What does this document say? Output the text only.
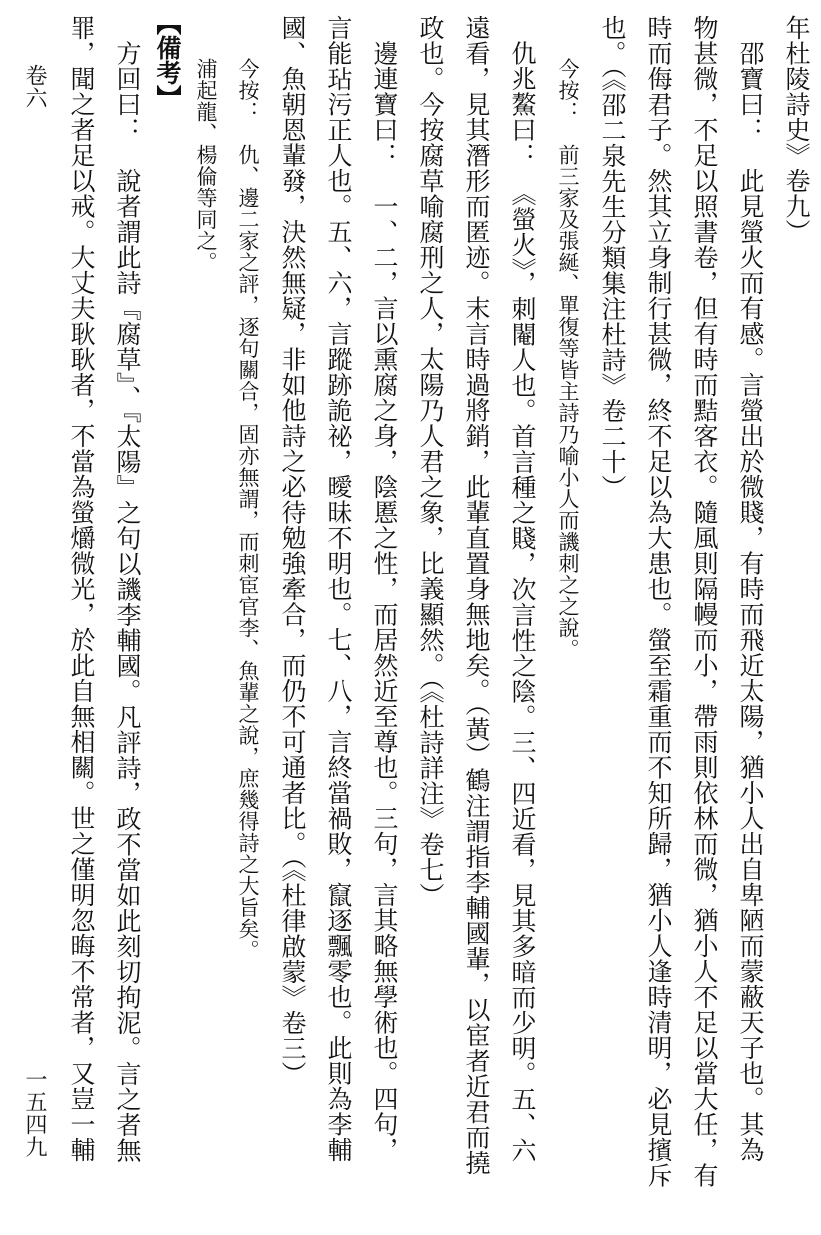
年杜陵詩史》卷九）
　邵寶曰：　此見螢火而有感。言螢出於微賤，有時而飛近太陽，猶小人出自卑陋而蒙蔽天子也。其為
物甚微，不足以照書卷，但有時而黠客衣。隨風則隔幔而小，帶雨則依林而微，猶小人不足以當大任，有
時而侮君子。然其立身制行甚微，終不足以為大患也。螢至霜重而不知所歸，猶小人逢時清明，必見擯斥
也。（《邵二泉先生分類集注杜詩》卷二十）
　　今按：　前三家及張綖、單復等皆主詩乃喻小人而譏刺之之說。
　仇兆鰲曰：　《螢火》，刺閹人也。首言種之賤，次言性之陰。三、四近看，見其多暗而少明。五、六
遠看，見其潛形而匿迹。末言時過將銷，此輩直置身無地矣。（黃）鶴注謂指李輔國輩，以宦者近君而撓
政也。今按腐草喻腐刑之人，太陽乃人君之象，比義顯然。（《杜詩詳注》卷七）
　邊連寶曰：　一、二，言以熏腐之身，陰慝之性，而居然近至尊也。三句，言其略無學術也。四句，
言能玷污正人也。五、六，言蹤跡詭祕，曖昧不明也。七、八，言終當禍敗，竄逐飄零也。此則為李輔
國、魚朝恩輩發，決然無疑，非如他詩之必待勉強牽合，而仍不可通者比。（《杜律啟蒙》卷三）
　　今按：　仇、邊二家之評，逐句關合，固亦無謂，而刺宦官李、魚輩之說，庶幾得詩之大旨矣。
　　浦起龍、楊倫等同之。
【備考】
　方回曰：　說者謂此詩『腐草』、『太陽』之句以譏李輔國。凡評詩，政不當如此刻切拘泥。言之者無
罪，聞之者足以戒。大丈夫耿耿者，不當為螢爝微光，於此自無相關。世之僅明忽晦不常者，又豈一輔
卷六
一五四九
